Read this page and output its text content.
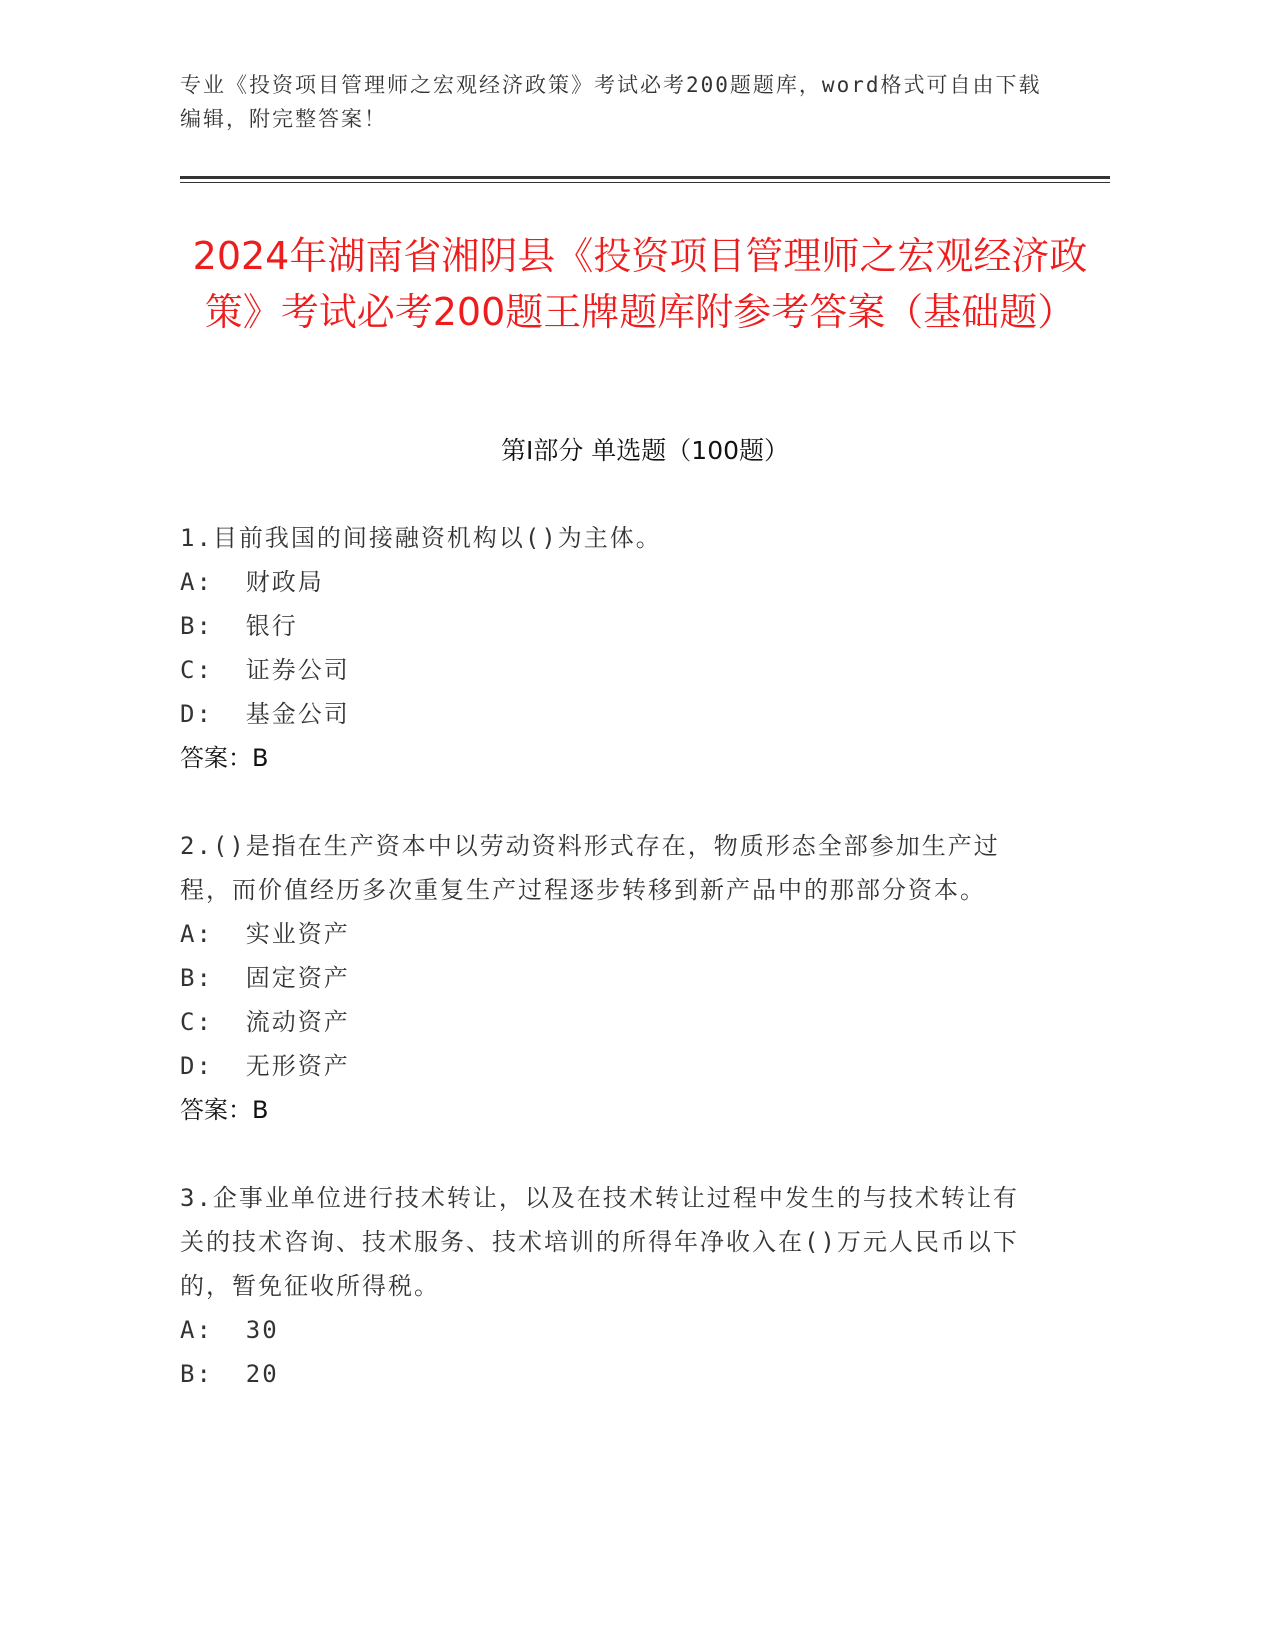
专业《投资项目管理师之宏观经济政策》考试必考200题题库，word格式可自由下载编辑，附完整答案！
2024年湖南省湘阴县《投资项目管理师之宏观经济政策》考试必考200题王牌题库附参考答案（基础题）
第Ⅰ部分 单选题（100题）
1.目前我国的间接融资机构以()为主体。
A:  财政局
B:  银行
C:  证券公司
D:  基金公司
答案：B
2.()是指在生产资本中以劳动资料形式存在，物质形态全部参加生产过程，而价值经历多次重复生产过程逐步转移到新产品中的那部分资本。
A:  实业资产
B:  固定资产
C:  流动资产
D:  无形资产
答案：B
3.企事业单位进行技术转让，以及在技术转让过程中发生的与技术转让有关的技术咨询、技术服务、技术培训的所得年净收入在()万元人民币以下的，暂免征收所得税。
A:  30
B:  20
